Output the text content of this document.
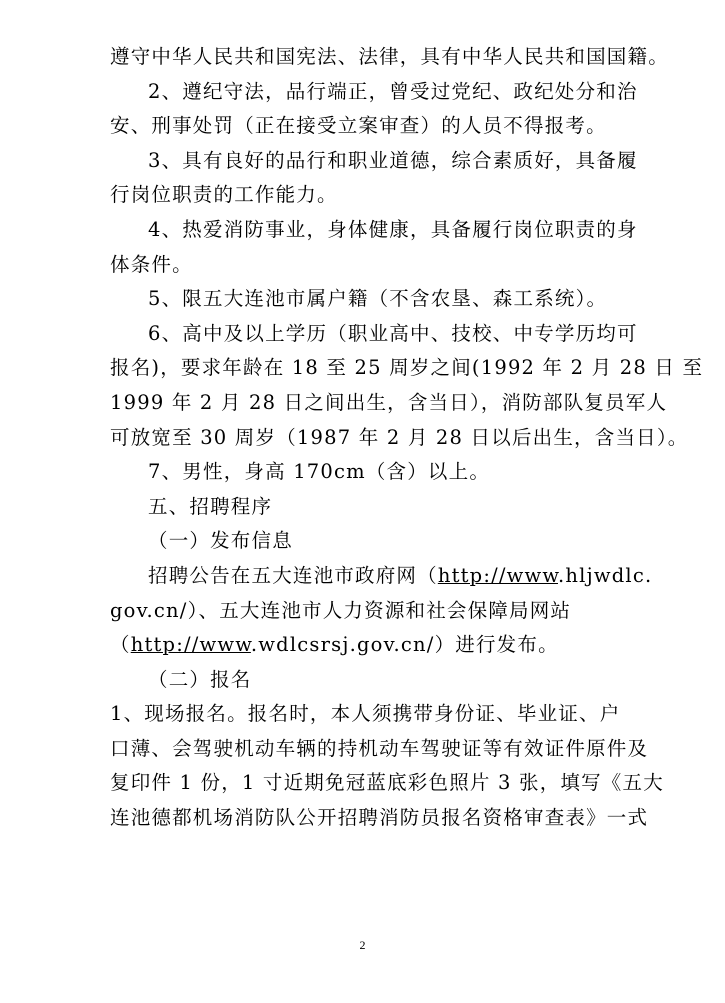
遵守中华人民共和国宪法、法律，具有中华人民共和国国籍。
2、遵纪守法，品行端正，曾受过党纪、政纪处分和治
安、刑事处罚（正在接受立案审查）的人员不得报考。
3、具有良好的品行和职业道德，综合素质好，具备履
行岗位职责的工作能力。
4、热爱消防事业，身体健康，具备履行岗位职责的身
体条件。
5、限五大连池市属户籍（不含农垦、森工系统）。
6、高中及以上学历（职业高中、技校、中专学历均可
报名)，要求年龄在 18 至 25 周岁之间(1992 年 2 月 28 日 至
1999 年 2 月 28 日之间出生，含当日），消防部队复员军人
可放宽至 30 周岁（1987 年 2 月 28 日以后出生，含当日）。
7、男性，身高 170cm（含）以上。
五、招聘程序
（一）发布信息
招聘公告在五大连池市政府网（http://www.hljwdlc.
gov.cn/）、五大连池市人力资源和社会保障局网站
（http://www.wdlcsrsj.gov.cn/）进行发布。
（二）报名
1、现场报名。报名时，本人须携带身份证、毕业证、户
口薄、会驾驶机动车辆的持机动车驾驶证等有效证件原件及
复印件 1 份，1 寸近期免冠蓝底彩色照片 3 张，填写《五大
连池德都机场消防队公开招聘消防员报名资格审查表》一式
2
